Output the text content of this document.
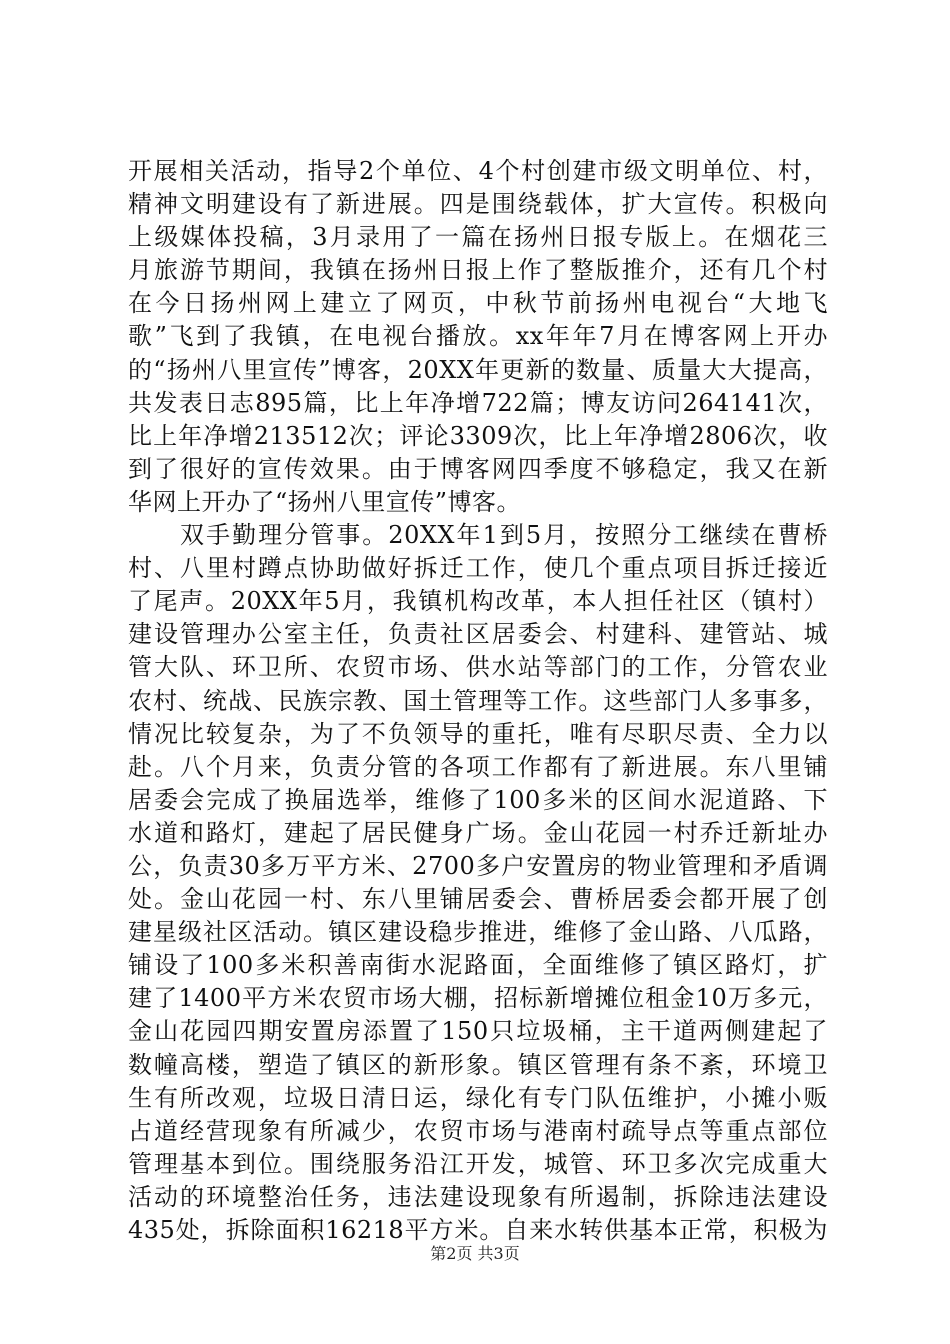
开展相关活动，指导2个单位、4个村创建市级文明单位、村，
精神文明建设有了新进展。四是围绕载体，扩大宣传。积极向
上级媒体投稿，3月录用了一篇在扬州日报专版上。在烟花三
月旅游节期间，我镇在扬州日报上作了整版推介，还有几个村
在今日扬州网上建立了网页，中秋节前扬州电视台“大地飞
歌”飞到了我镇，在电视台播放。xx年年7月在博客网上开办
的“扬州八里宣传”博客，20XX年更新的数量、质量大大提高，
共发表日志895篇，比上年净增722篇；博友访问264141次，
比上年净增213512次；评论3309次，比上年净增2806次，收
到了很好的宣传效果。由于博客网四季度不够稳定，我又在新
华网上开办了“扬州八里宣传”博客。
　　双手勤理分管事。20XX年1到5月，按照分工继续在曹桥
村、八里村蹲点协助做好拆迁工作，使几个重点项目拆迁接近
了尾声。20XX年5月，我镇机构改革，本人担任社区（镇村）
建设管理办公室主任，负责社区居委会、村建科、建管站、城
管大队、环卫所、农贸市场、供水站等部门的工作，分管农业
农村、统战、民族宗教、国土管理等工作。这些部门人多事多，
情况比较复杂，为了不负领导的重托，唯有尽职尽责、全力以
赴。八个月来，负责分管的各项工作都有了新进展。东八里铺
居委会完成了换届选举，维修了100多米的区间水泥道路、下
水道和路灯，建起了居民健身广场。金山花园一村乔迁新址办
公，负责30多万平方米、2700多户安置房的物业管理和矛盾调
处。金山花园一村、东八里铺居委会、曹桥居委会都开展了创
建星级社区活动。镇区建设稳步推进，维修了金山路、八瓜路，
铺设了100多米积善南街水泥路面，全面维修了镇区路灯，扩
建了1400平方米农贸市场大棚，招标新增摊位租金10万多元，
金山花园四期安置房添置了150只垃圾桶，主干道两侧建起了
数幢高楼，塑造了镇区的新形象。镇区管理有条不紊，环境卫
生有所改观，垃圾日清日运，绿化有专门队伍维护，小摊小贩
占道经营现象有所减少，农贸市场与港南村疏导点等重点部位
管理基本到位。围绕服务沿江开发，城管、环卫多次完成重大
活动的环境整治任务，违法建设现象有所遏制，拆除违法建设
435处，拆除面积16218平方米。自来水转供基本正常，积极为
第2页 共3页
